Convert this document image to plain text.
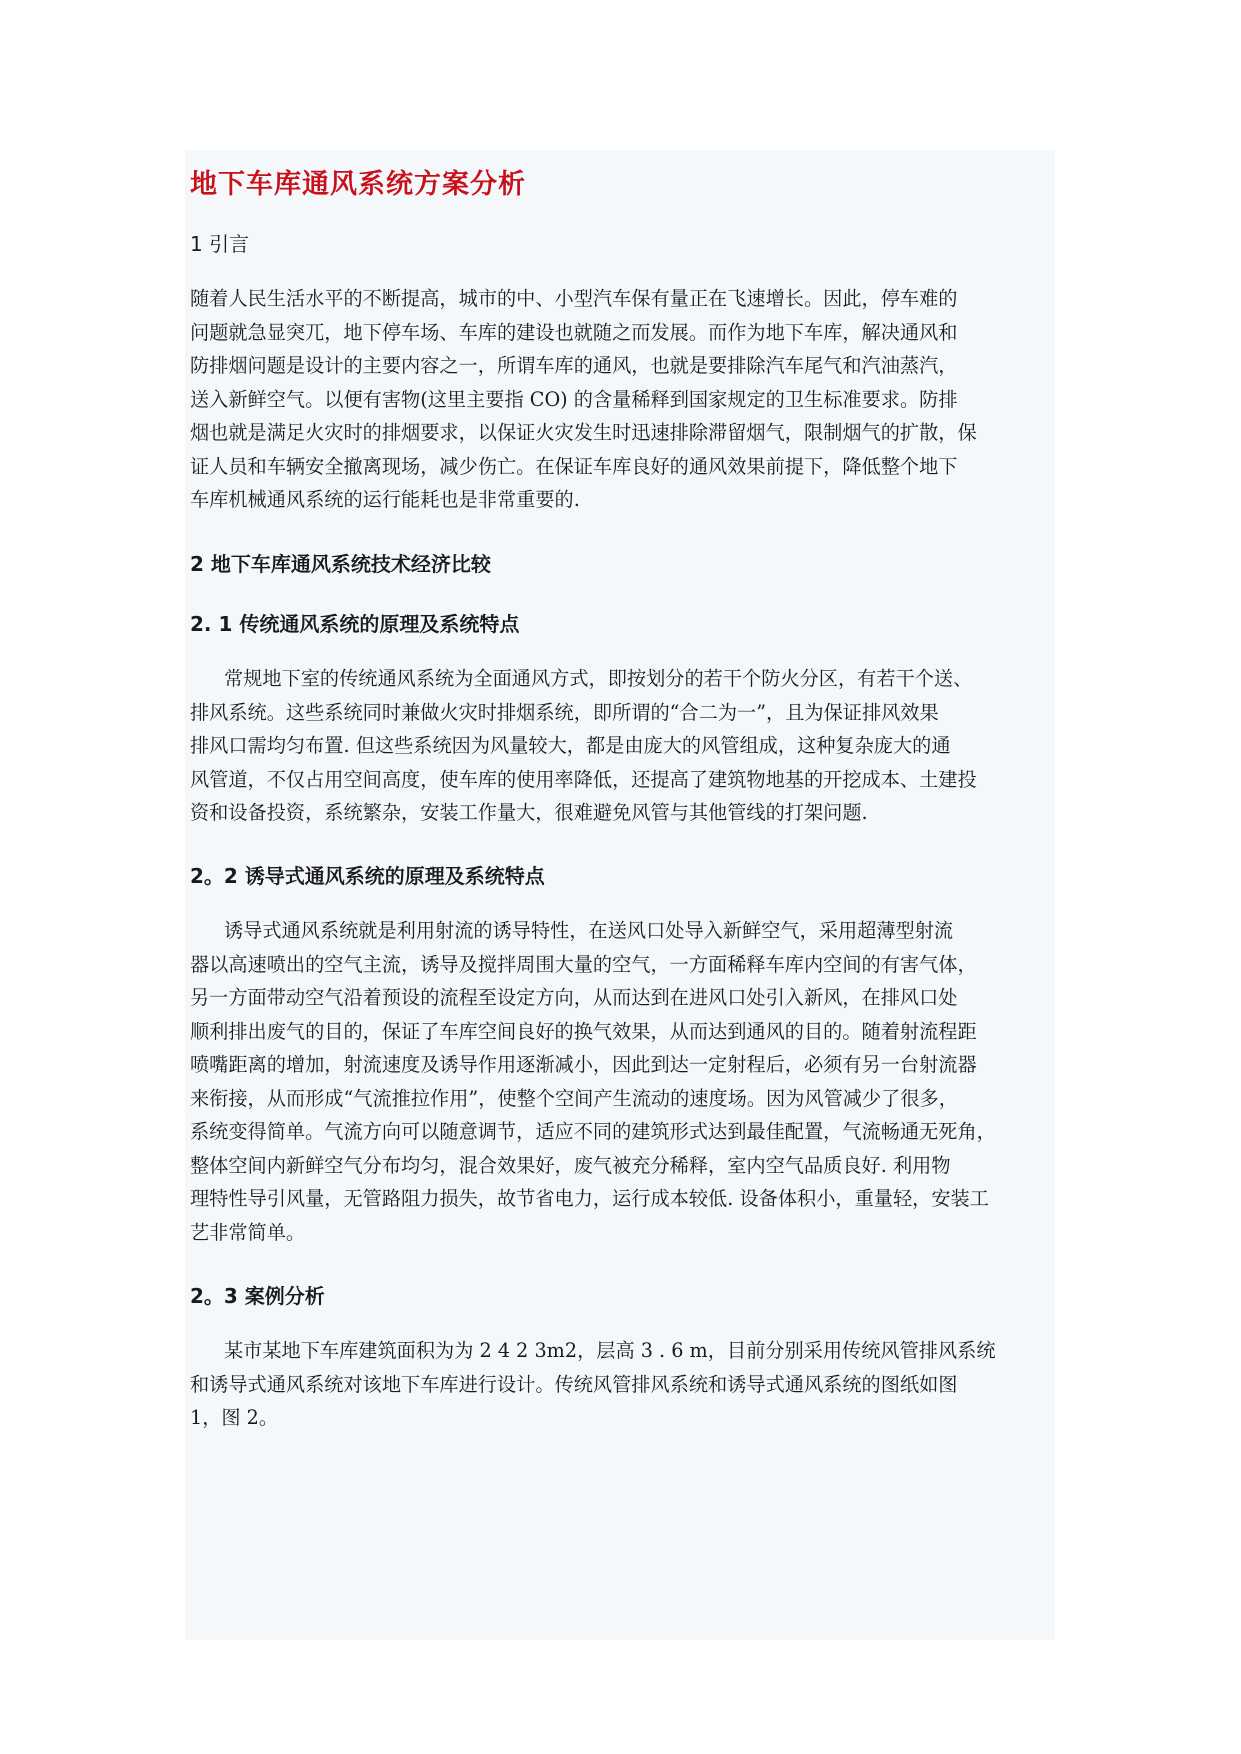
地下车库通风系统方案分析
1 引言
随着人民生活水平的不断提高，城市的中、小型汽车保有量正在飞速增长。因此，停车难的
问题就急显突兀，地下停车场、车库的建设也就随之而发展。而作为地下车库，解决通风和
防排烟问题是设计的主要内容之一，所谓车库的通风，也就是要排除汽车尾气和汽油蒸汽，
送入新鲜空气。以便有害物(这里主要指 CO) 的含量稀释到国家规定的卫生标准要求。防排
烟也就是满足火灾时的排烟要求，以保证火灾发生时迅速排除滞留烟气，限制烟气的扩散，保
证人员和车辆安全撤离现场，减少伤亡。在保证车库良好的通风效果前提下，降低整个地下
车库机械通风系统的运行能耗也是非常重要的.
2 地下车库通风系统技术经济比较
2. 1 传统通风系统的原理及系统特点
常规地下室的传统通风系统为全面通风方式，即按划分的若干个防火分区，有若干个送、
排风系统。这些系统同时兼做火灾时排烟系统，即所谓的“合二为一”，且为保证排风效果
排风口需均匀布置. 但这些系统因为风量较大，都是由庞大的风管组成，这种复杂庞大的通
风管道，不仅占用空间高度，使车库的使用率降低，还提高了建筑物地基的开挖成本、土建投
资和设备投资，系统繁杂，安装工作量大，很难避免风管与其他管线的打架问题.
2。2 诱导式通风系统的原理及系统特点
诱导式通风系统就是利用射流的诱导特性，在送风口处导入新鲜空气，采用超薄型射流
器以高速喷出的空气主流，诱导及搅拌周围大量的空气，一方面稀释车库内空间的有害气体，
另一方面带动空气沿着预设的流程至设定方向，从而达到在进风口处引入新风，在排风口处
顺利排出废气的目的，保证了车库空间良好的换气效果，从而达到通风的目的。随着射流程距
喷嘴距离的增加，射流速度及诱导作用逐渐减小，因此到达一定射程后，必须有另一台射流器
来衔接，从而形成“气流推拉作用”，使整个空间产生流动的速度场。因为风管减少了很多，
系统变得简单。气流方向可以随意调节，适应不同的建筑形式达到最佳配置，气流畅通无死角，
整体空间内新鲜空气分布均匀，混合效果好，废气被充分稀释，室内空气品质良好. 利用物
理特性导引风量，无管路阻力损失，故节省电力，运行成本较低. 设备体积小，重量轻，安装工
艺非常简单。
2。3 案例分析
某市某地下车库建筑面积为为 2 4 2 3m2，层高 3 . 6 m，目前分别采用传统风管排风系统
和诱导式通风系统对该地下车库进行设计。传统风管排风系统和诱导式通风系统的图纸如图
1，图 2。
